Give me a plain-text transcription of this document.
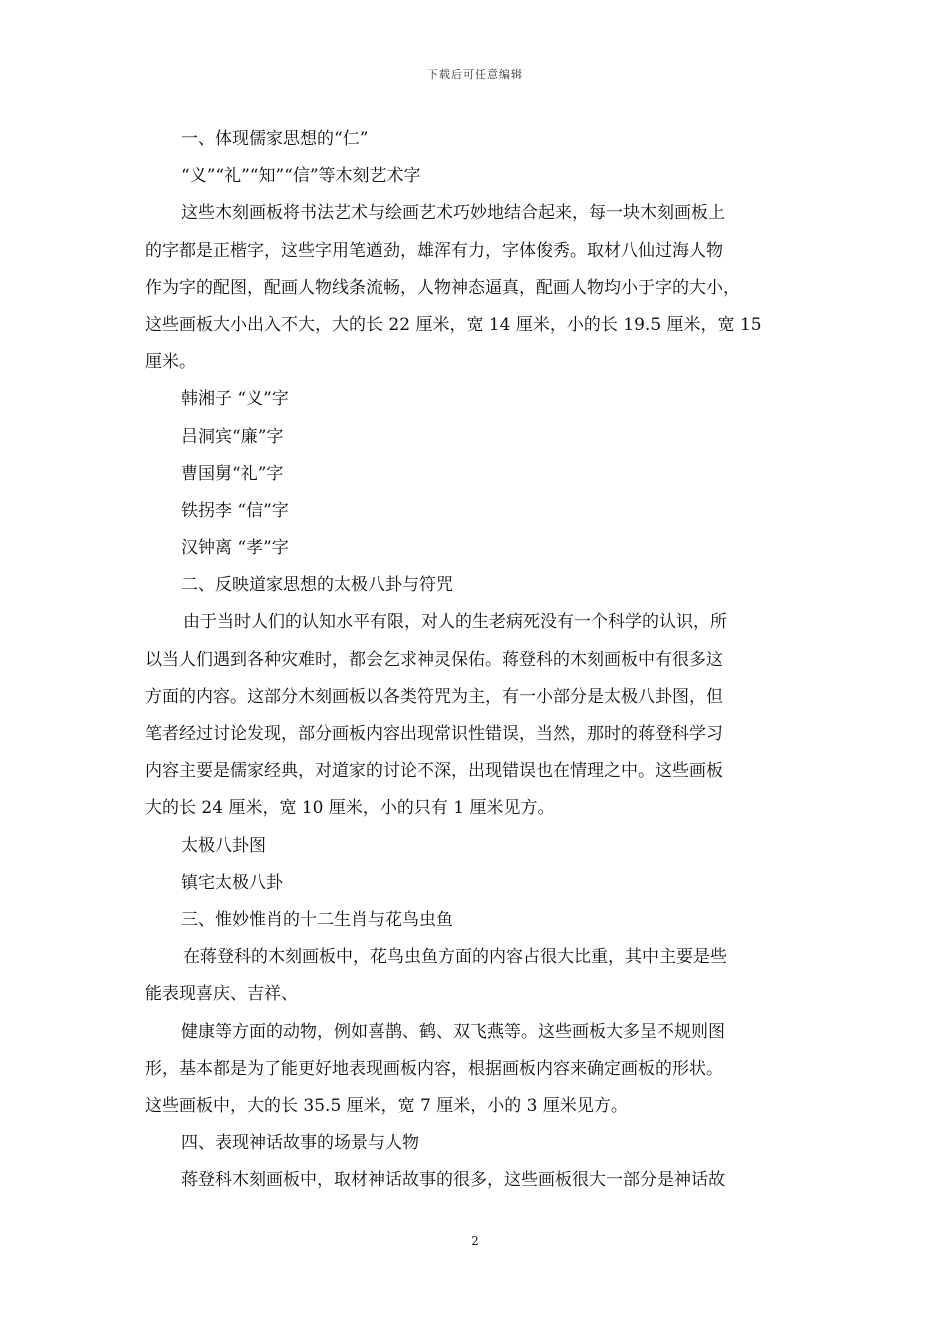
下载后可任意编辑
一、体现儒家思想的“仁”
“义”“礼”“知”“信”等木刻艺术字
这些木刻画板将书法艺术与绘画艺术巧妙地结合起来，每一块木刻画板上
的字都是正楷字，这些字用笔遒劲，雄浑有力，字体俊秀。取材八仙过海人物
作为字的配图，配画人物线条流畅，人物神态逼真，配画人物均小于字的大小，
这些画板大小出入不大，大的长 22 厘米，宽 14 厘米，小的长 19.5 厘米，宽 15
厘米。
韩湘子 “义”字
吕洞宾“廉”字
曹国舅“礼”字
铁拐李 “信”字
汉钟离 “孝”字
二、反映道家思想的太极八卦与符咒
由于当时人们的认知水平有限，对人的生老病死没有一个科学的认识，所
以当人们遇到各种灾难时，都会乞求神灵保佑。蒋登科的木刻画板中有很多这
方面的内容。这部分木刻画板以各类符咒为主，有一小部分是太极八卦图，但
笔者经过讨论发现，部分画板内容出现常识性错误，当然，那时的蒋登科学习
内容主要是儒家经典，对道家的讨论不深，出现错误也在情理之中。这些画板
大的长 24 厘米，宽 10 厘米，小的只有 1 厘米见方。
太极八卦图
镇宅太极八卦
三、惟妙惟肖的十二生肖与花鸟虫鱼
在蒋登科的木刻画板中，花鸟虫鱼方面的内容占很大比重，其中主要是些
能表现喜庆、吉祥、
健康等方面的动物，例如喜鹊、鹤、双飞燕等。这些画板大多呈不规则图
形，基本都是为了能更好地表现画板内容，根据画板内容来确定画板的形状。
这些画板中，大的长 35.5 厘米，宽 7 厘米，小的 3 厘米见方。
四、表现神话故事的场景与人物
蒋登科木刻画板中，取材神话故事的很多，这些画板很大一部分是神话故
2
